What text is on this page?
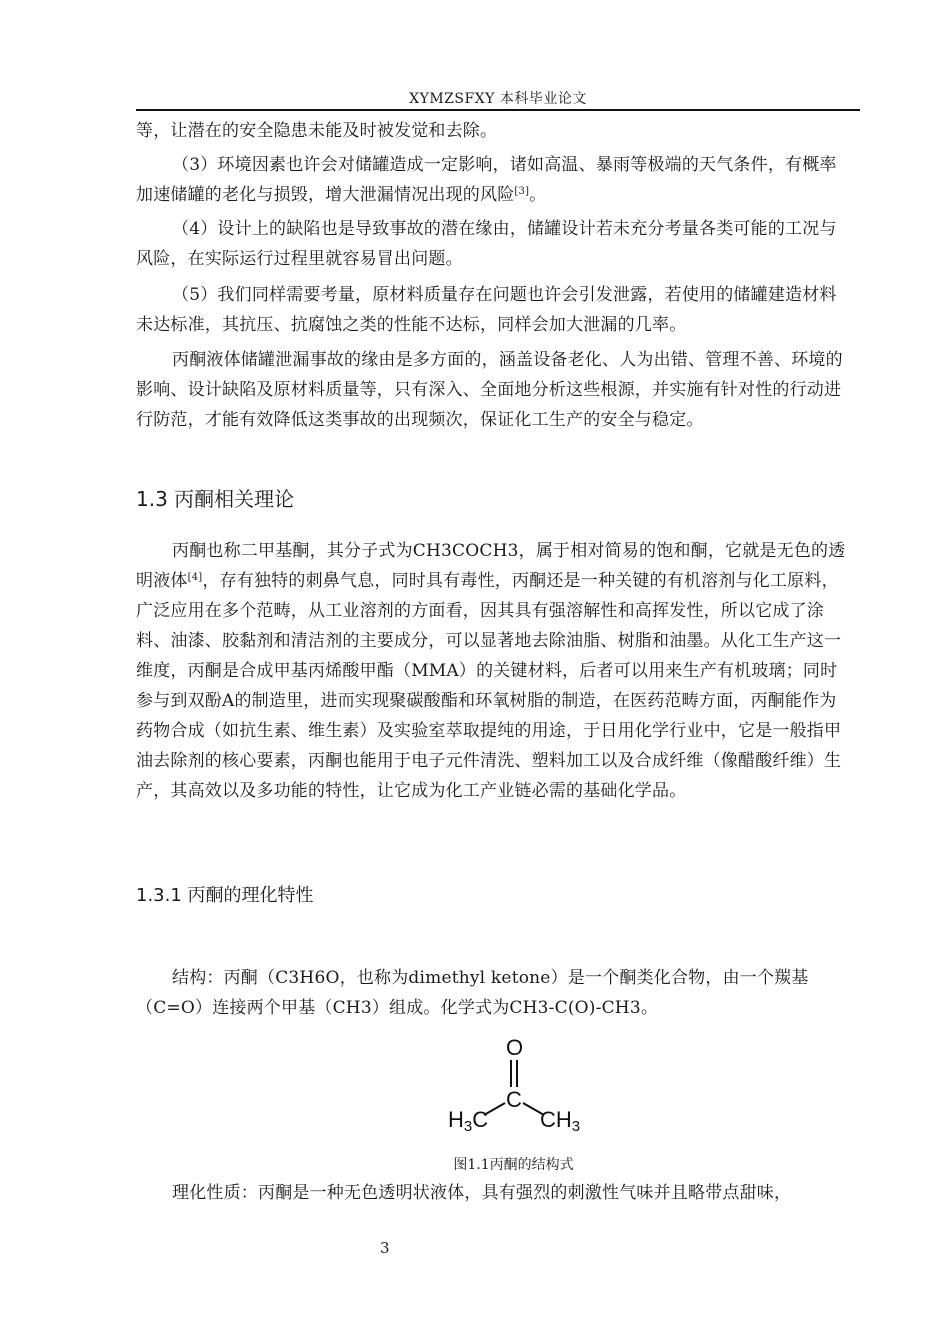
XYMZSFXY 本科毕业论文

等，让潜在的安全隐患未能及时被发觉和去除。

（3）环境因素也许会对储罐造成一定影响，诸如高温、暴雨等极端的天气条件，有概率加速储罐的老化与损毁，增大泄漏情况出现的风险[3]。

（4）设计上的缺陷也是导致事故的潜在缘由，储罐设计若未充分考量各类可能的工况与风险，在实际运行过程里就容易冒出问题。

（5）我们同样需要考量，原材料质量存在问题也许会引发泄露，若使用的储罐建造材料未达标准，其抗压、抗腐蚀之类的性能不达标，同样会加大泄漏的几率。

丙酮液体储罐泄漏事故的缘由是多方面的，涵盖设备老化、人为出错、管理不善、环境的影响、设计缺陷及原材料质量等，只有深入、全面地分析这些根源，并实施有针对性的行动进行防范，才能有效降低这类事故的出现频次，保证化工生产的安全与稳定。

1.3 丙酮相关理论

丙酮也称二甲基酮，其分子式为CH3COCH3，属于相对简易的饱和酮，它就是无色的透明液体[4]，存有独特的刺鼻气息，同时具有毒性，丙酮还是一种关键的有机溶剂与化工原料，广泛应用在多个范畴，从工业溶剂的方面看，因其具有强溶解性和高挥发性，所以它成了涂料、油漆、胶黏剂和清洁剂的主要成分，可以显著地去除油脂、树脂和油墨。从化工生产这一维度，丙酮是合成甲基丙烯酸甲酯（MMA）的关键材料，后者可以用来生产有机玻璃；同时参与到双酚A的制造里，进而实现聚碳酸酯和环氧树脂的制造，在医药范畴方面，丙酮能作为药物合成（如抗生素、维生素）及实验室萃取提纯的用途，于日用化学行业中，它是一般指甲油去除剂的核心要素，丙酮也能用于电子元件清洗、塑料加工以及合成纤维（像醋酸纤维）生产，其高效以及多功能的特性，让它成为化工产业链必需的基础化学品。

1.3.1 丙酮的理化特性

结构：丙酮（C3H6O，也称为dimethyl ketone）是一个酮类化合物，由一个羰基（C=O）连接两个甲基（CH3）组成。化学式为CH3-C(O)-CH3。

O
C
H3C CH3
图1.1丙酮的结构式

理化性质：丙酮是一种无色透明状液体，具有强烈的刺激性气味并且略带点甜味，

3
